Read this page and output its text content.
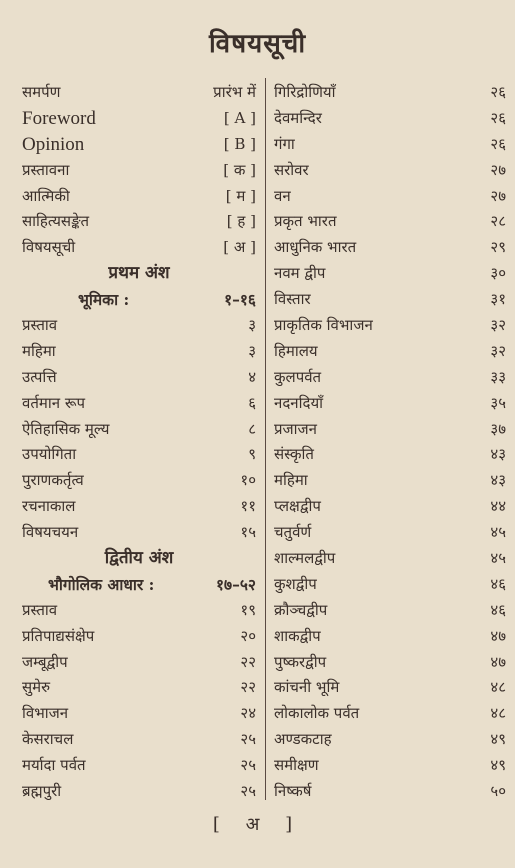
विषयसूची
समर्पण	प्रारंभ में
Foreword	[ A ]
Opinion	[ B ]
प्रस्तावना	[ क ]
आत्मिकी	[ म ]
साहित्यसङ्केत	[ ह ]
विषयसूची	[ अ ]
प्रथम अंश
भूमिका :	१–१६
प्रस्ताव	३
महिमा	३
उत्पत्ति	४
वर्तमान रूप	६
ऐतिहासिक मूल्य	८
उपयोगिता	९
पुराणकर्तृत्व	१०
रचनाकाल	११
विषयचयन	१५
द्वितीय अंश
भौगोलिक आधार :	१७–५२
प्रस्ताव	१९
प्रतिपाद्यसंक्षेप	२०
जम्बूद्वीप	२२
सुमेरु	२२
विभाजन	२४
केसराचल	२५
मर्यादा पर्वत	२५
ब्रह्मपुरी	२५
गिरिद्रोणियाँ	२६
देवमन्दिर	२६
गंगा	२६
सरोवर	२७
वन	२७
प्रकृत भारत	२८
आधुनिक भारत	२९
नवम द्वीप	३०
विस्तार	३१
प्राकृतिक विभाजन	३२
हिमालय	३२
कुलपर्वत	३३
नदनदियाँ	३५
प्रजाजन	३७
संस्कृति	४३
महिमा	४३
प्लक्षद्वीप	४४
चतुर्वर्ण	४५
शाल्मलद्वीप	४५
कुशद्वीप	४६
क्रौञ्चद्वीप	४६
शाकद्वीप	४७
पुष्करद्वीप	४७
कांचनी भूमि	४८
लोकालोक पर्वत	४८
अण्डकटाह	४९
समीक्षण	४९
निष्कर्ष	५०
[ अ ]
